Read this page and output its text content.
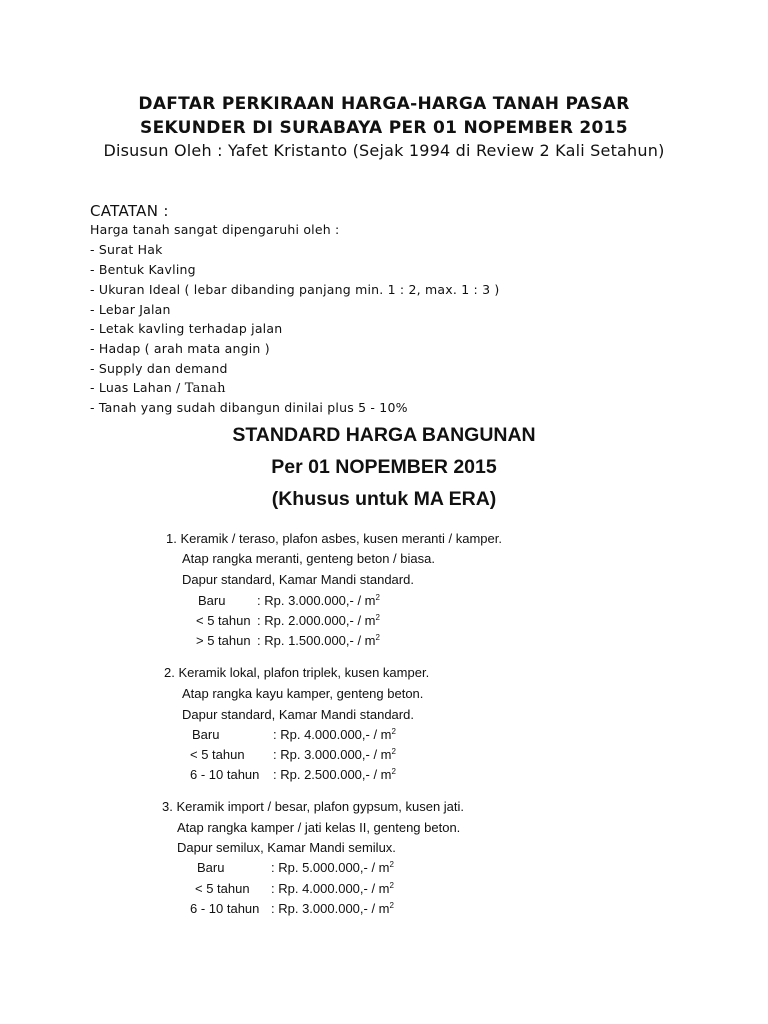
DAFTAR PERKIRAAN HARGA-HARGA TANAH PASAR
SEKUNDER DI SURABAYA PER 01 NOPEMBER 2015
Disusun Oleh : Yafet Kristanto (Sejak 1994 di Review 2 Kali Setahun)
CATATAN :
Harga tanah sangat dipengaruhi oleh :
- Surat Hak
- Bentuk Kavling
- Ukuran Ideal ( lebar dibanding panjang min. 1 : 2, max. 1 : 3 )
- Lebar Jalan
- Letak kavling terhadap jalan
- Hadap ( arah mata angin )
- Supply dan demand
- Luas Lahan / Tanah
- Tanah yang sudah dibangun dinilai plus 5 - 10%
STANDARD HARGA BANGUNAN
Per 01 NOPEMBER 2015
(Khusus untuk MA ERA)
1. Keramik / teraso, plafon asbes, kusen meranti / kamper.
Atap rangka meranti, genteng beton / biasa.
Dapur standard, Kamar Mandi standard.
Baru : Rp. $3.000.000,- / m^2$
< 5 tahun : Rp. $2.000.000,- / m^2$
> 5 tahun : Rp. $1.500.000,- / m^2$
2. Keramik lokal, plafon triplek, kusen kamper.
Atap rangka kayu kamper, genteng beton.
Dapur standard, Kamar Mandi standard.
Baru	: Rp. $4.000.000,- / m^2$
< 5 tahun : Rp. $3.000.000,- / m^2$
6 - 10 tahun : Rp. $2.500.000,- / m^2$
3. Keramik import / besar, plafon gypsum, kusen jati.
Atap rangka kamper / jati kelas II, genteng beton.
Dapur semilux, Kamar Mandi semilux.
Baru	: Rp. $5.000.000,- / m^2$
< 5 tahun : Rp. $4.000.000,- / m^2$
6 - 10 tahun : Rp. $3.000.000,- / m^2$
